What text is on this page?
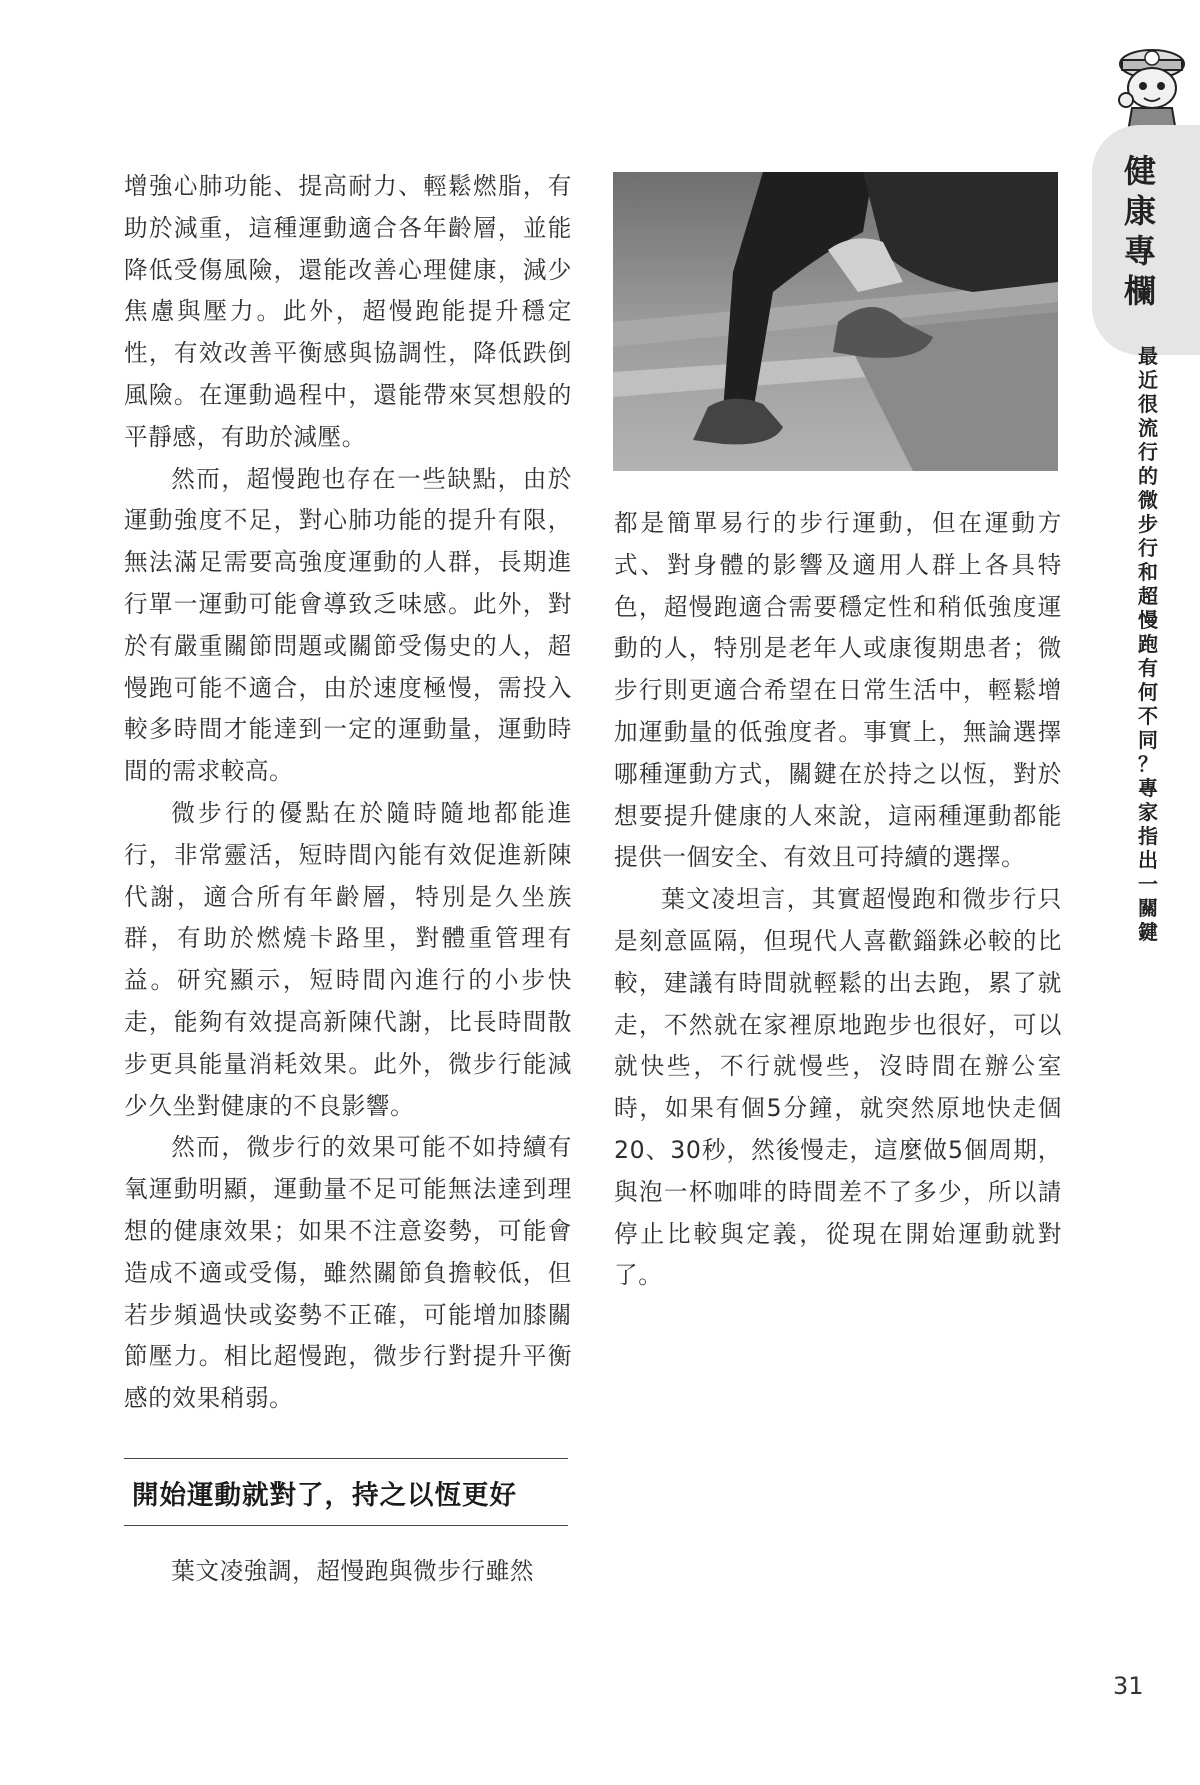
健
康
專
欄
最
近
很
流
行
的
微
步
行
和
超
慢
跑
有
何
不
同
？
專
家
指
出
一
關
鍵

增強心肺功能、提高耐力、輕鬆燃脂，有助於減重，這種運動適合各年齡層，並能降低受傷風險，還能改善心理健康，減少焦慮與壓力。此外，超慢跑能提升穩定性，有效改善平衡感與協調性，降低跌倒風險。在運動過程中，還能帶來冥想般的平靜感，有助於減壓。

然而，超慢跑也存在一些缺點，由於運動強度不足，對心肺功能的提升有限，無法滿足需要高強度運動的人群，長期進行單一運動可能會導致乏味感。此外，對於有嚴重關節問題或關節受傷史的人，超慢跑可能不適合，由於速度極慢，需投入較多時間才能達到一定的運動量，運動時間的需求較高。

微步行的優點在於隨時隨地都能進行，非常靈活，短時間內能有效促進新陳代謝，適合所有年齡層，特別是久坐族群，有助於燃燒卡路里，對體重管理有益。研究顯示，短時間內進行的小步快走，能夠有效提高新陳代謝，比長時間散步更具能量消耗效果。此外，微步行能減少久坐對健康的不良影響。

然而，微步行的效果可能不如持續有氧運動明顯，運動量不足可能無法達到理想的健康效果；如果不注意姿勢，可能會造成不適或受傷，雖然關節負擔較低，但若步頻過快或姿勢不正確，可能增加膝關節壓力。相比超慢跑，微步行對提升平衡感的效果稍弱。

開始運動就對了，持之以恆更好

葉文凌強調，超慢跑與微步行雖然

都是簡單易行的步行運動，但在運動方式、對身體的影響及適用人群上各具特色，超慢跑適合需要穩定性和稍低強度運動的人，特別是老年人或康復期患者；微步行則更適合希望在日常生活中，輕鬆增加運動量的低強度者。事實上，無論選擇哪種運動方式，關鍵在於持之以恆，對於想要提升健康的人來說，這兩種運動都能提供一個安全、有效且可持續的選擇。

葉文凌坦言，其實超慢跑和微步行只是刻意區隔，但現代人喜歡錙銖必較的比較，建議有時間就輕鬆的出去跑，累了就走，不然就在家裡原地跑步也很好，可以就快些，不行就慢些，沒時間在辦公室時，如果有個5分鐘，就突然原地快走個20、30秒，然後慢走，這麼做5個周期，與泡一杯咖啡的時間差不了多少，所以請停止比較與定義，從現在開始運動就對了。

31
